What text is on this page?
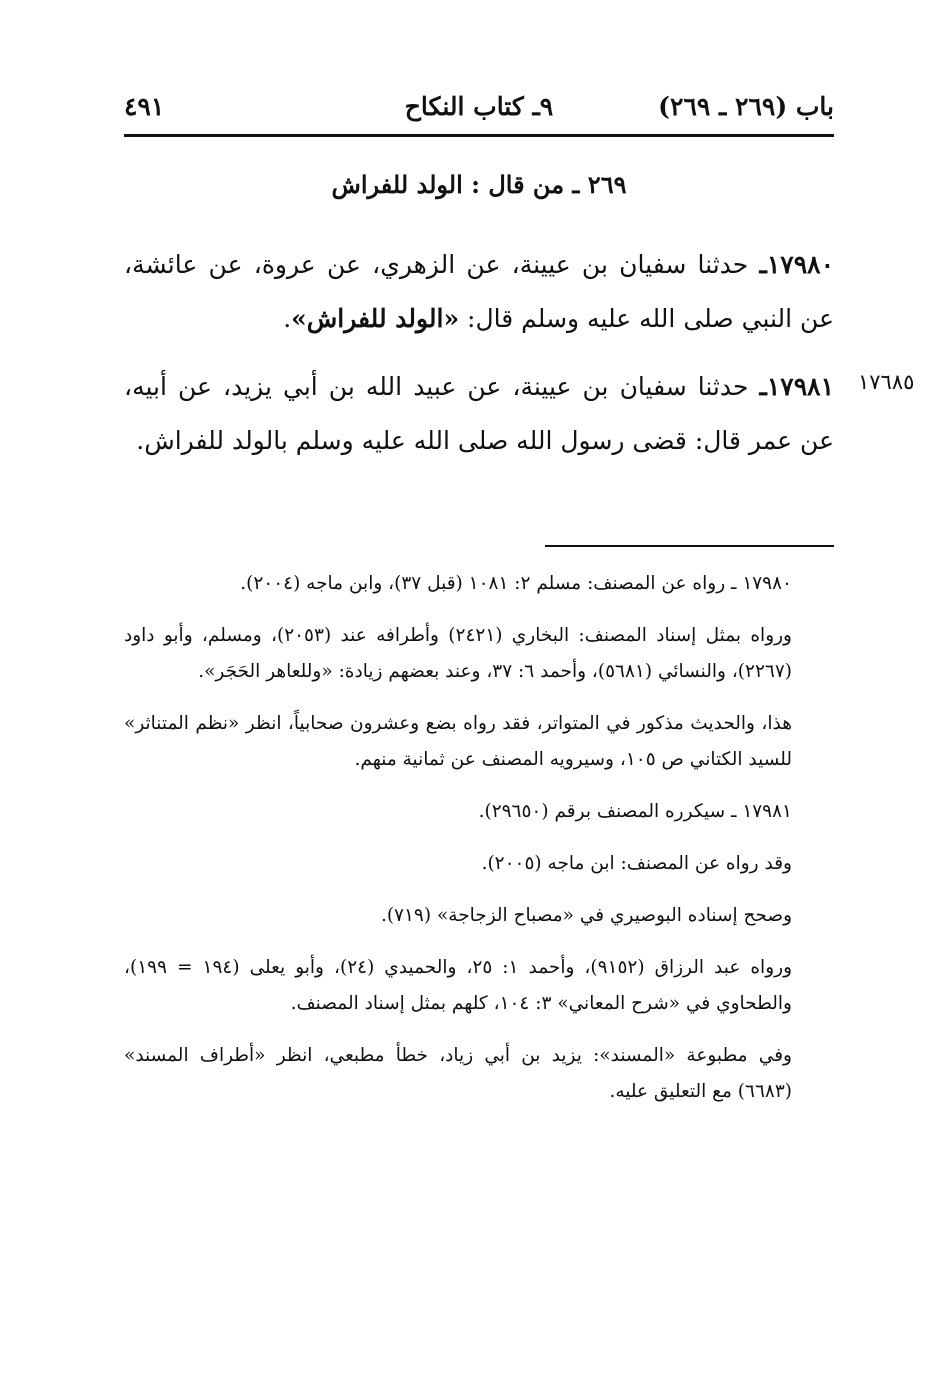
باب (٢٦٩ ـ ٢٦٩)
٩ـ كتاب النكاح
٤٩١
٢٦٩ ـ من قال : الولد للفراش
١٧٩٨٠ـ حدثنا سفيان بن عيينة، عن الزهري، عن عروة، عن عائشة، عن النبي صلى الله عليه وسلم قال: «الولد للفراش».
١٧٦٨٥
١٧٩٨١ـ حدثنا سفيان بن عيينة، عن عبيد الله بن أبي يزيد، عن أبيه، عن عمر قال: قضى رسول الله صلى الله عليه وسلم بالولد للفراش.

١٧٩٨٠ ـ رواه عن المصنف: مسلم ٢: ١٠٨١ (قبل ٣٧)، وابن ماجه (٢٠٠٤).

ورواه بمثل إسناد المصنف: البخاري (٢٤٢١) وأطرافه عند (٢٠٥٣)، ومسلم، وأبو داود (٢٢٦٧)، والنسائي (٥٦٨١)، وأحمد ٦: ٣٧، وعند بعضهم زيادة: «وللعاهر الحَجَر».

هذا، والحديث مذكور في المتواتر، فقد رواه بضع وعشرون صحابياً، انظر «نظم المتناثر» للسيد الكتاني ص ١٠٥، وسيرويه المصنف عن ثمانية منهم.

١٧٩٨١ ـ سيكرره المصنف برقم (٢٩٦٥٠).

وقد رواه عن المصنف: ابن ماجه (٢٠٠٥).

وصحح إسناده البوصيري في «مصباح الزجاجة» (٧١٩).

ورواه عبد الرزاق (٩١٥٢)، وأحمد ١: ٢٥، والحميدي (٢٤)، وأبو يعلى (١٩٤ = ١٩٩)، والطحاوي في «شرح المعاني» ٣: ١٠٤، كلهم بمثل إسناد المصنف.

وفي مطبوعة «المسند»: يزيد بن أبي زياد، خطأ مطبعي، انظر «أطراف المسند» (٦٦٨٣) مع التعليق عليه.
